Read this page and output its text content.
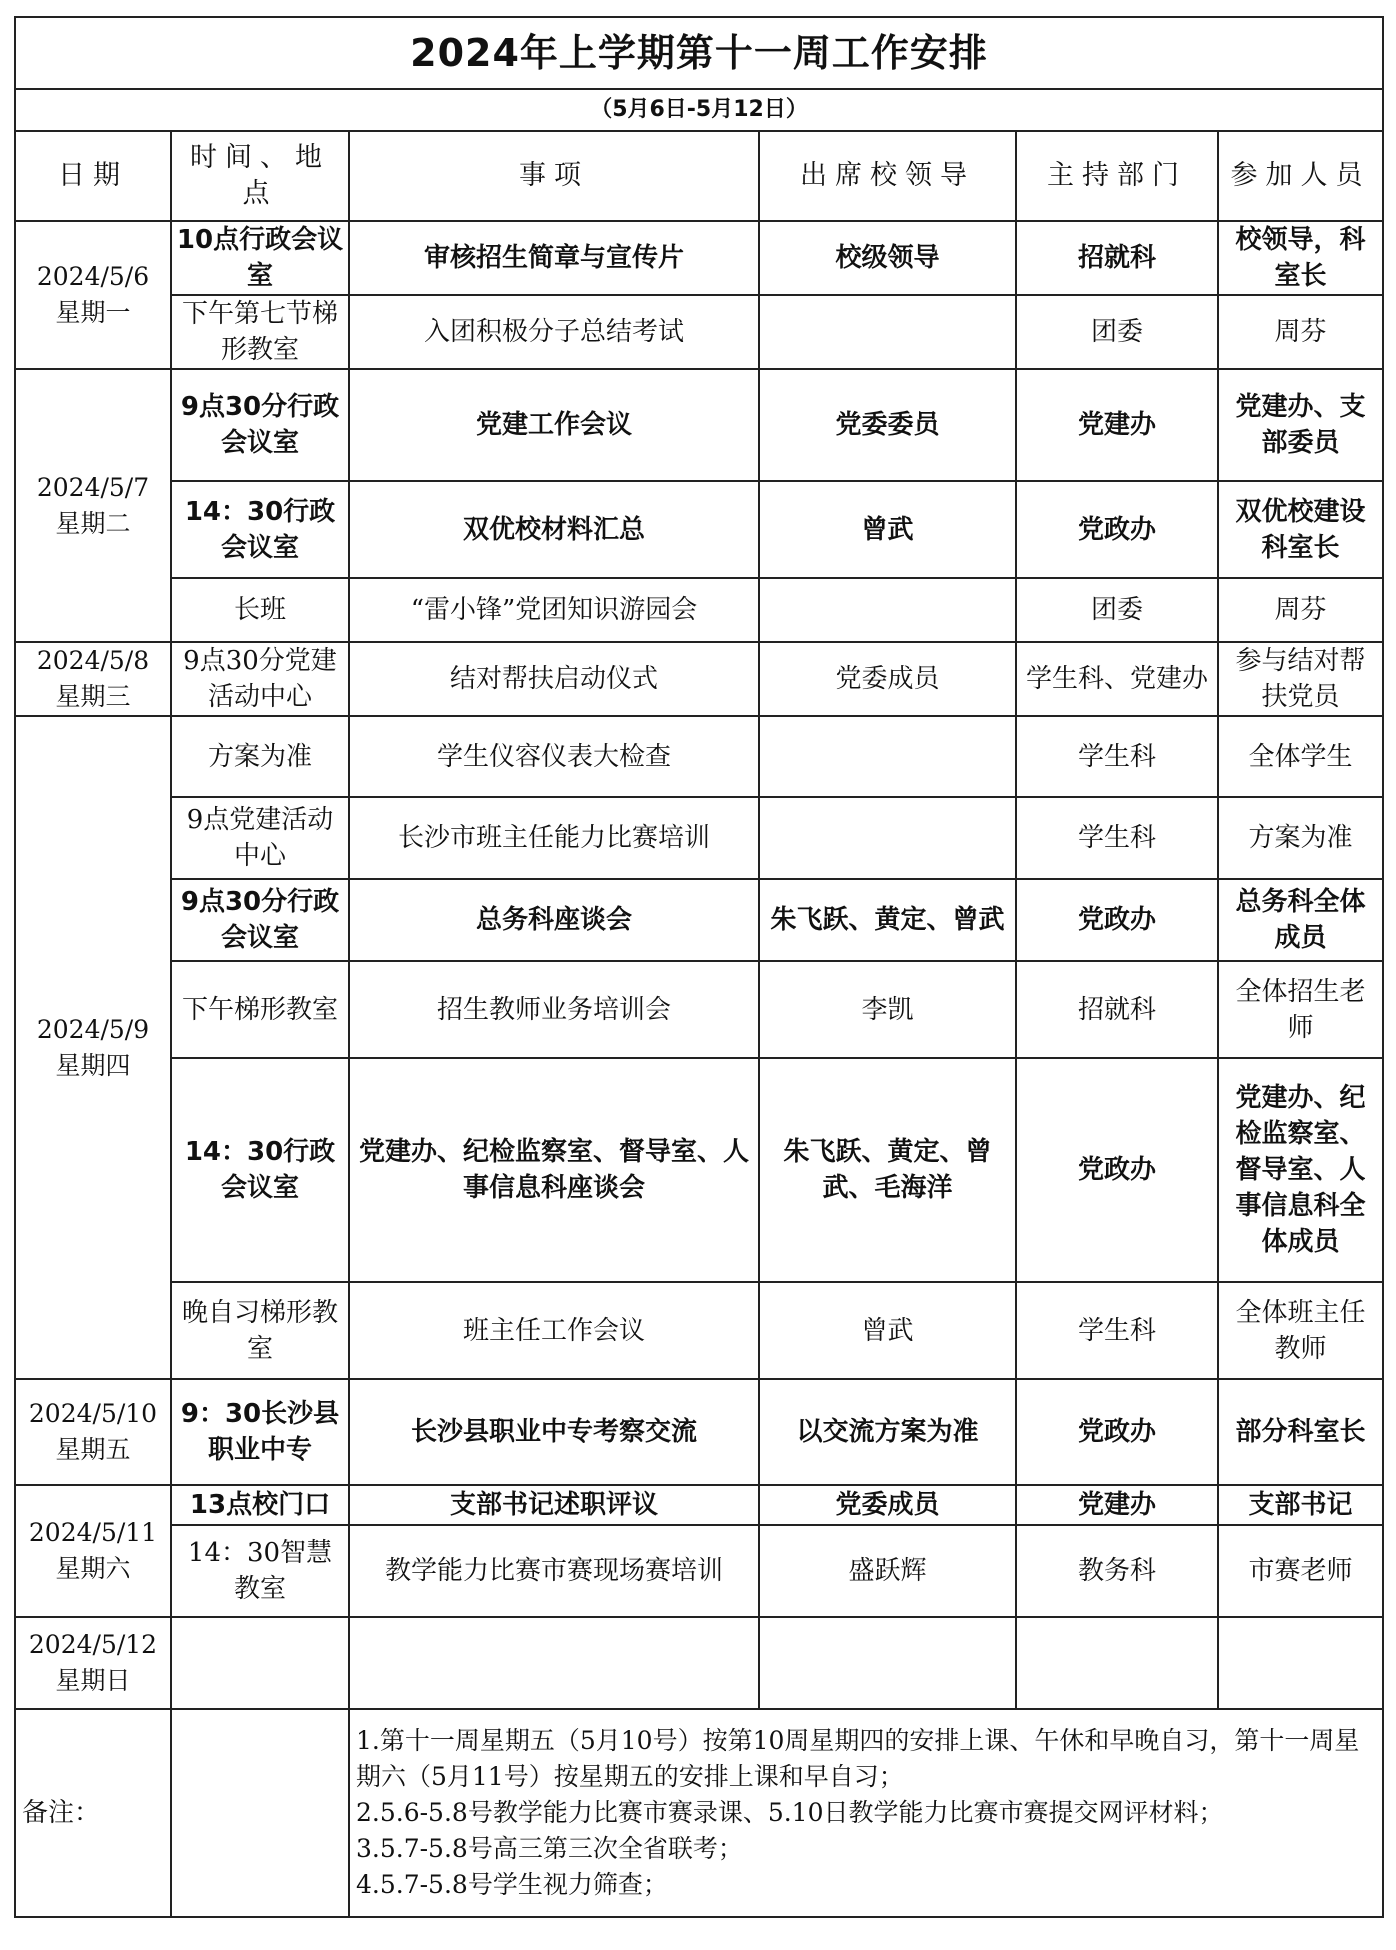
2024年上学期第十一周工作安排					
（5月6日-5月12日）					
日期	时间、地点	事项	出席校领导	主持部门	参加人员

2024/5/6
星期一	10点行政会议室	审核招生简章与宣传片	校级领导	招就科	校领导，科室长
	下午第七节梯形教室	入团积极分子总结考试		团委	周芬

2024/5/7
星期二	9点30分行政会议室	党建工作会议	党委委员	党建办	党建办、支部委员
	14：30行政会议室	双优校材料汇总	曾武	党政办	双优校建设科室长
	长班	“雷小锋”党团知识游园会		团委	周芬

2024/5/8
星期三	9点30分党建活动中心	结对帮扶启动仪式	党委成员	学生科、党建办	参与结对帮扶党员

2024/5/9
星期四	方案为准	学生仪容仪表大检查		学生科	全体学生
	9点党建活动中心	长沙市班主任能力比赛培训		学生科	方案为准
	9点30分行政会议室	总务科座谈会	朱飞跃、黄定、曾武	党政办	总务科全体成员
	下午梯形教室	招生教师业务培训会	李凯	招就科	全体招生老师
	14：30行政会议室	党建办、纪检监察室、督导室、人事信息科座谈会	朱飞跃、黄定、曾武、毛海洋	党政办	党建办、纪检监察室、督导室、人事信息科全体成员
	晚自习梯形教室	班主任工作会议	曾武	学生科	全体班主任教师

2024/5/10
星期五	9：30长沙县职业中专	长沙县职业中专考察交流	以交流方案为准	党政办	部分科室长

2024/5/11
星期六	13点校门口	支部书记述职评议	党委成员	党建办	支部书记
	14：30智慧教室	教学能力比赛市赛现场赛培训	盛跃辉	教务科	市赛老师

2024/5/12
星期日					

备注：		1.第十一周星期五（5月10号）按第10周星期四的安排上课、午休和早晚自习，第十一周星期六（5月11号）按星期五的安排上课和早自习；
2.5.6-5.8号教学能力比赛市赛录课、5.10日教学能力比赛市赛提交网评材料；
3.5.7-5.8号高三第三次全省联考；
4.5.7-5.8号学生视力筛查；			
